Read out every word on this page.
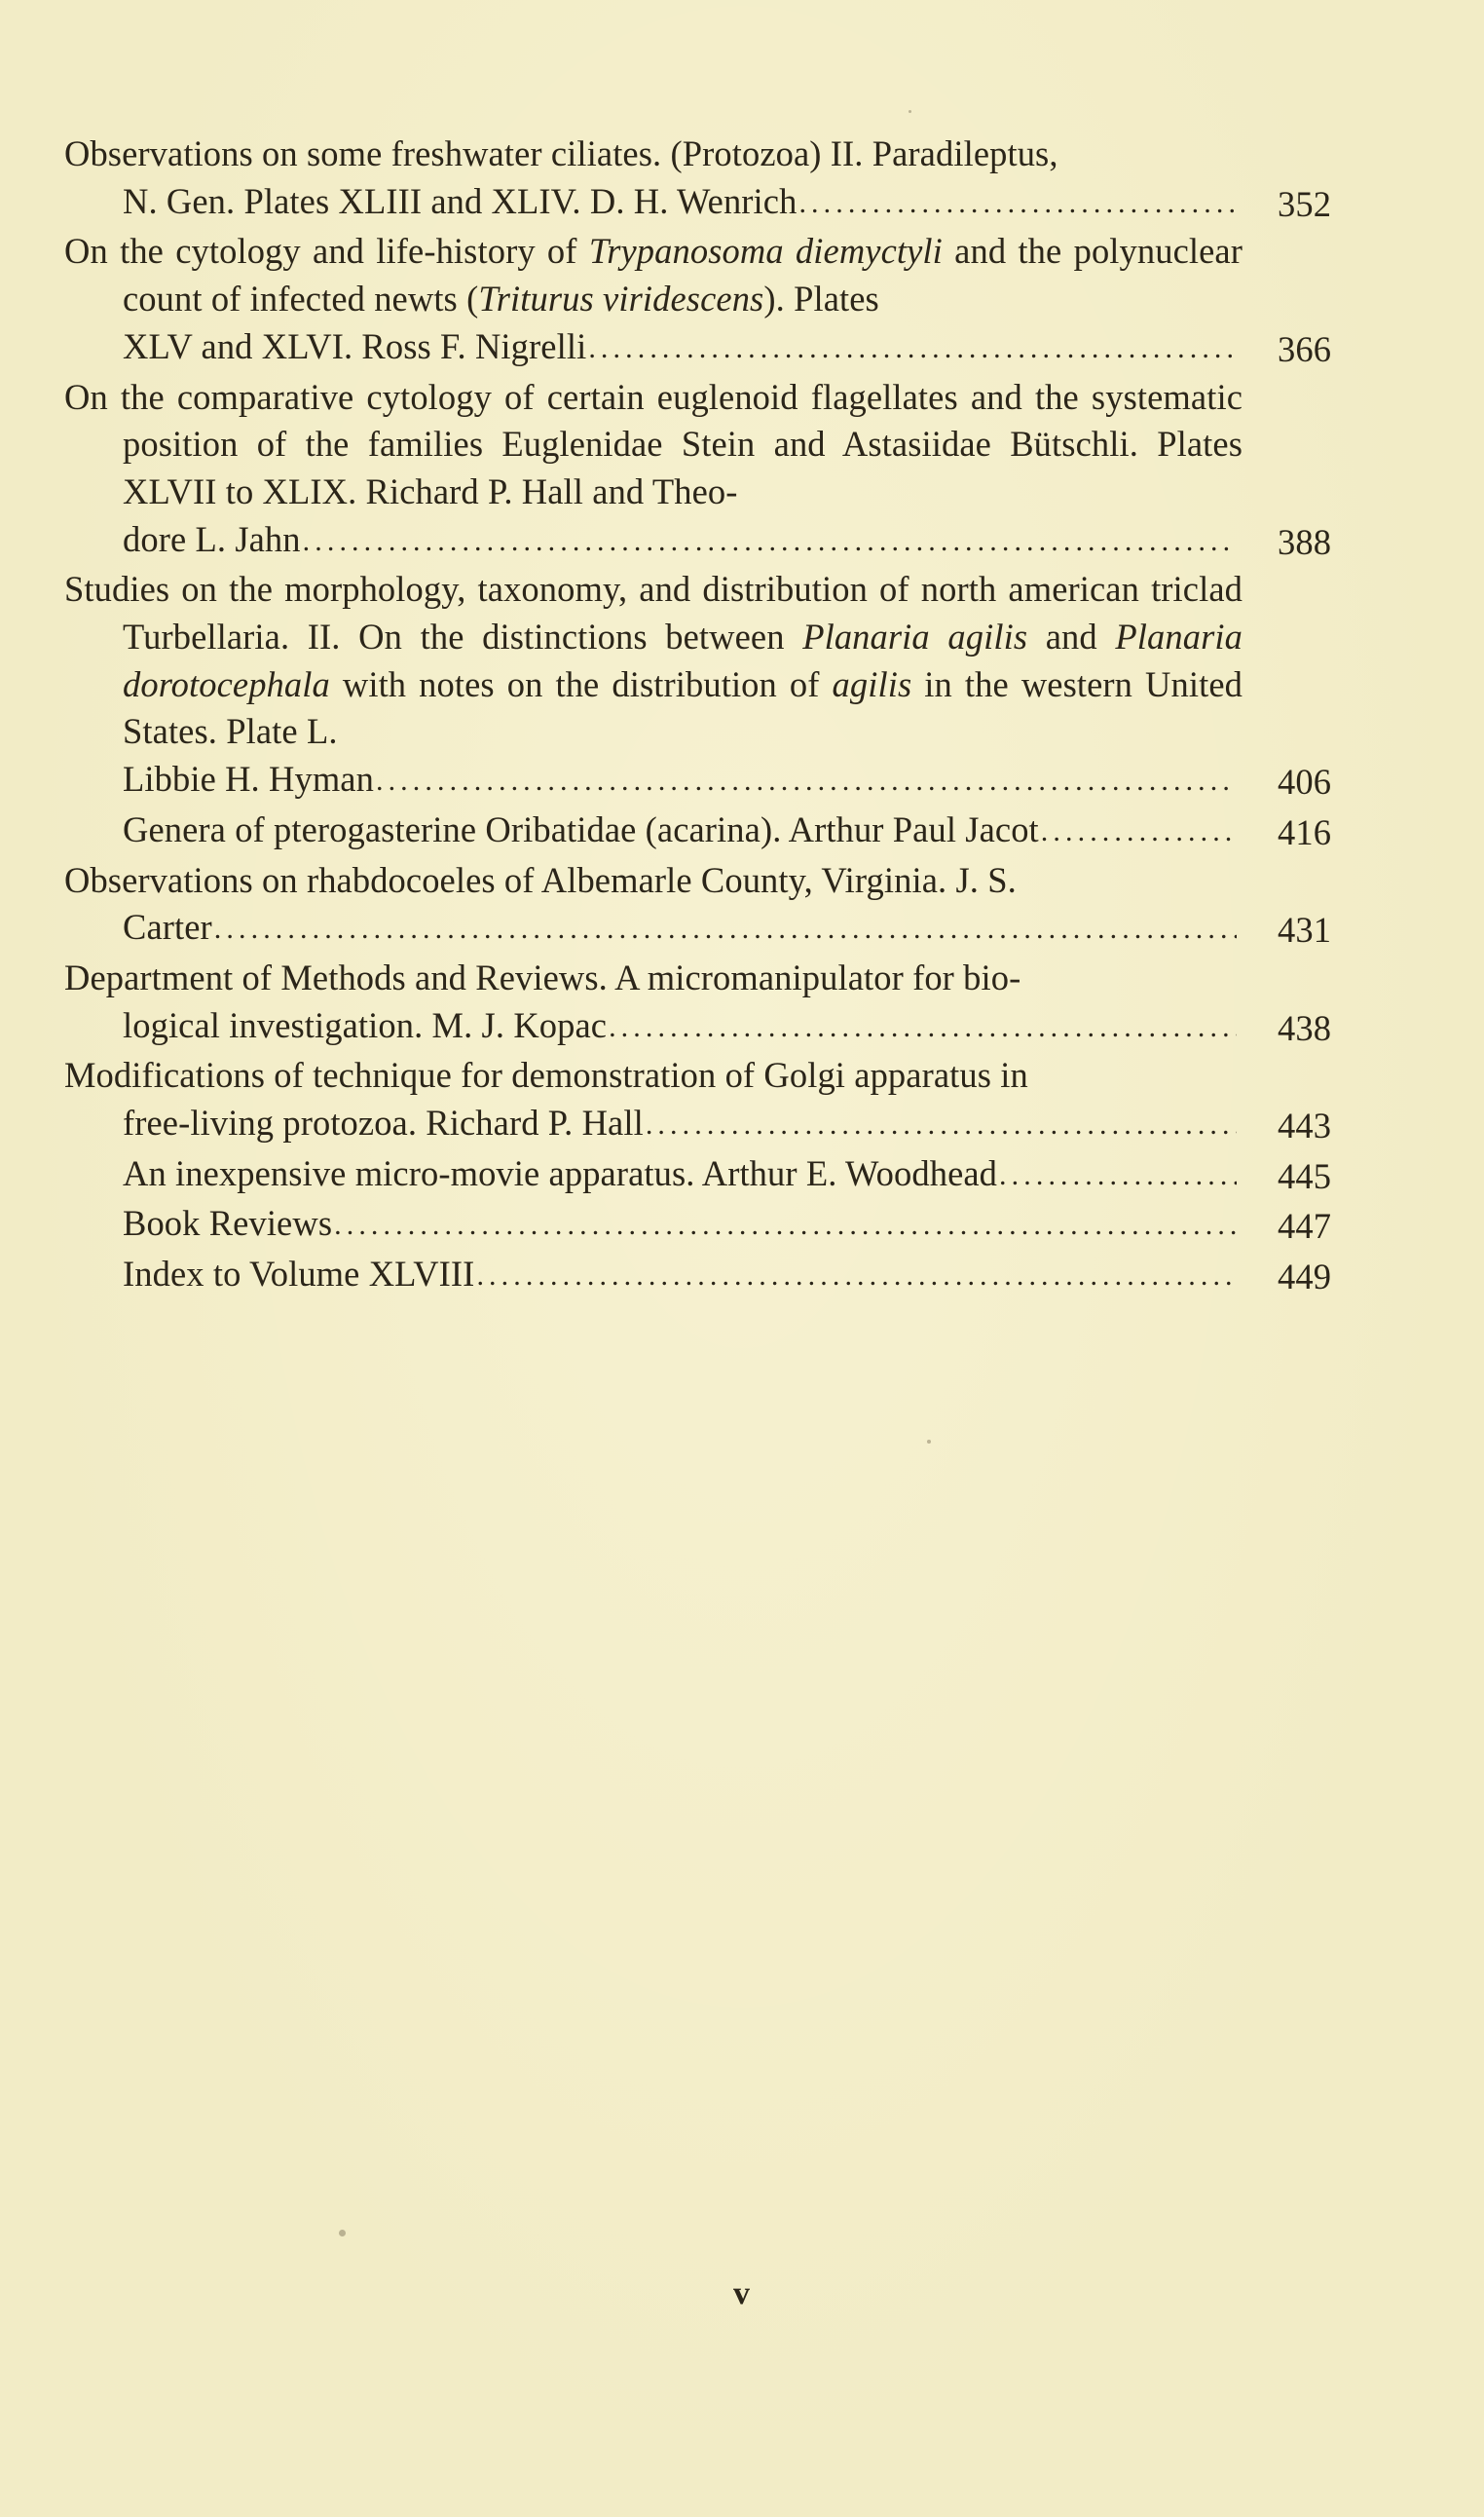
Observations on some freshwater ciliates. (Protozoa) II. Paradileptus,
N. Gen. Plates XLIII and XLIV. D. H. Wenrich . . .	352
On the cytology and life-history of Trypanosoma diemyctyli and the polynuclear count of infected newts (Triturus viridescens). Plates
XLV and XLVI. Ross F. Nigrelli . . .	366
On the comparative cytology of certain euglenoid flagellates and the systematic position of the families Euglenidae Stein and Astasiidae Bütschli. Plates XLVII to XLIX. Richard P. Hall and Theo-
dore L. Jahn . . .	388
Studies on the morphology, taxonomy, and distribution of north american triclad Turbellaria. II. On the distinctions between Planaria agilis and Planaria dorotocephala with notes on the distribution of agilis in the western United States. Plate L.
Libbie H. Hyman . . .	406
Genera of pterogasterine Oribatidae (acarina). Arthur Paul Jacot . . .	416
Observations on rhabdocoeles of Albemarle County, Virginia. J. S.
Carter . . .	431
Department of Methods and Reviews. A micromanipulator for bio-
logical investigation. M. J. Kopac . . .	438
Modifications of technique for demonstration of Golgi apparatus in
free-living protozoa. Richard P. Hall . . .	443
An inexpensive micro-movie apparatus. Arthur E. Woodhead . . .	445
Book Reviews . . .	447
Index to Volume XLVIII . . .	449
v
